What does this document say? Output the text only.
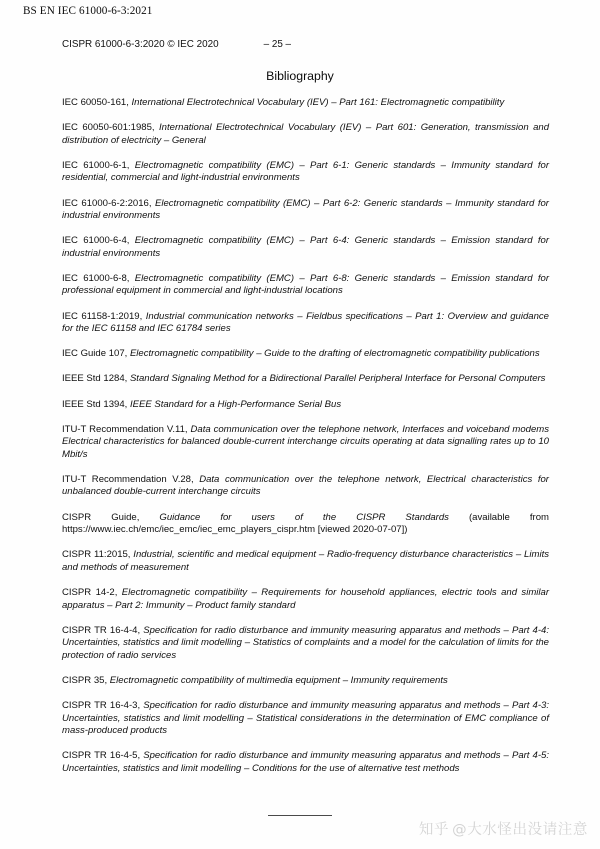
BS EN IEC 61000-6-3:2021
CISPR 61000-6-3:2020 © IEC 2020	– 25 –
Bibliography

IEC 60050-161, International Electrotechnical Vocabulary (IEV) – Part 161: Electromagnetic compatibility

IEC 60050-601:1985, International Electrotechnical Vocabulary (IEV) – Part 601: Generation, transmission and distribution of electricity – General

IEC 61000-6-1, Electromagnetic compatibility (EMC) – Part 6-1: Generic standards – Immunity standard for residential, commercial and light-industrial environments

IEC 61000-6-2:2016, Electromagnetic compatibility (EMC) – Part 6-2: Generic standards – Immunity standard for industrial environments

IEC 61000-6-4, Electromagnetic compatibility (EMC) – Part 6-4: Generic standards – Emission standard for industrial environments

IEC 61000-6-8, Electromagnetic compatibility (EMC) – Part 6-8: Generic standards – Emission standard for professional equipment in commercial and light-industrial locations

IEC 61158-1:2019, Industrial communication networks – Fieldbus specifications – Part 1: Overview and guidance for the IEC 61158 and IEC 61784 series

IEC Guide 107, Electromagnetic compatibility – Guide to the drafting of electromagnetic compatibility publications

IEEE Std 1284, Standard Signaling Method for a Bidirectional Parallel Peripheral Interface for Personal Computers

IEEE Std 1394, IEEE Standard for a High-Performance Serial Bus

ITU-T Recommendation V.11, Data communication over the telephone network, Interfaces and voiceband modems Electrical characteristics for balanced double-current interchange circuits operating at data signalling rates up to 10 Mbit/s

ITU-T Recommendation V.28, Data communication over the telephone network, Electrical characteristics for unbalanced double-current interchange circuits

CISPR Guide, Guidance for users of the CISPR Standards (available from https://www.iec.ch/emc/iec_emc/iec_emc_players_cispr.htm [viewed 2020-07-07])

CISPR 11:2015, Industrial, scientific and medical equipment – Radio-frequency disturbance characteristics – Limits and methods of measurement

CISPR 14-2, Electromagnetic compatibility – Requirements for household appliances, electric tools and similar apparatus – Part 2: Immunity – Product family standard

CISPR TR 16-4-4, Specification for radio disturbance and immunity measuring apparatus and methods – Part 4-4: Uncertainties, statistics and limit modelling – Statistics of complaints and a model for the calculation of limits for the protection of radio services

CISPR 35, Electromagnetic compatibility of multimedia equipment – Immunity requirements

CISPR TR 16-4-3, Specification for radio disturbance and immunity measuring apparatus and methods – Part 4-3: Uncertainties, statistics and limit modelling – Statistical considerations in the determination of EMC compliance of mass-produced products

CISPR TR 16-4-5, Specification for radio disturbance and immunity measuring apparatus and methods – Part 4-5: Uncertainties, statistics and limit modelling – Conditions for the use of alternative test methods

知乎 @大水怪出没请注意
